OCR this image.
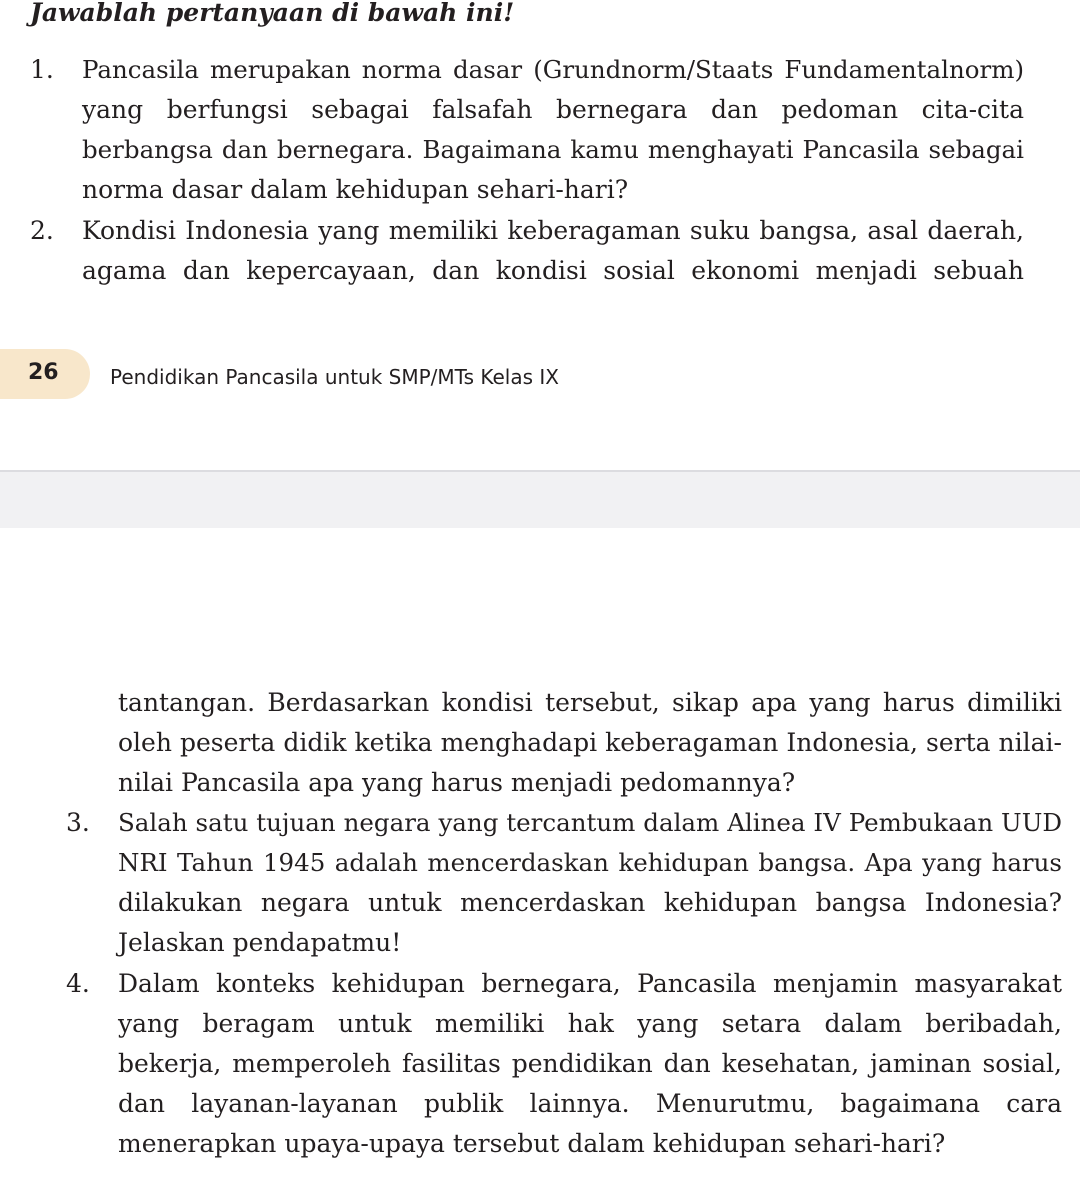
Jawablah pertanyaan di bawah ini!
1. Pancasila merupakan norma dasar (Grundnorm/Staats Fundamentalnorm)
yang berfungsi sebagai falsafah bernegara dan pedoman cita-cita
berbangsa dan bernegara. Bagaimana kamu menghayati Pancasila sebagai
norma dasar dalam kehidupan sehari-hari?
2. Kondisi Indonesia yang memiliki keberagaman suku bangsa, asal daerah,
agama dan kepercayaan, dan kondisi sosial ekonomi menjadi sebuah
26	Pendidikan Pancasila untuk SMP/MTs Kelas IX
tantangan. Berdasarkan kondisi tersebut, sikap apa yang harus dimiliki
oleh peserta didik ketika menghadapi keberagaman Indonesia, serta nilai-
nilai Pancasila apa yang harus menjadi pedomannya?
3. Salah satu tujuan negara yang tercantum dalam Alinea IV Pembukaan UUD
NRI Tahun 1945 adalah mencerdaskan kehidupan bangsa. Apa yang harus
dilakukan negara untuk mencerdaskan kehidupan bangsa Indonesia?
Jelaskan pendapatmu!
4. Dalam konteks kehidupan bernegara, Pancasila menjamin masyarakat
yang beragam untuk memiliki hak yang setara dalam beribadah,
bekerja, memperoleh fasilitas pendidikan dan kesehatan, jaminan sosial,
dan layanan-layanan publik lainnya. Menurutmu, bagaimana cara
menerapkan upaya-upaya tersebut dalam kehidupan sehari-hari?
